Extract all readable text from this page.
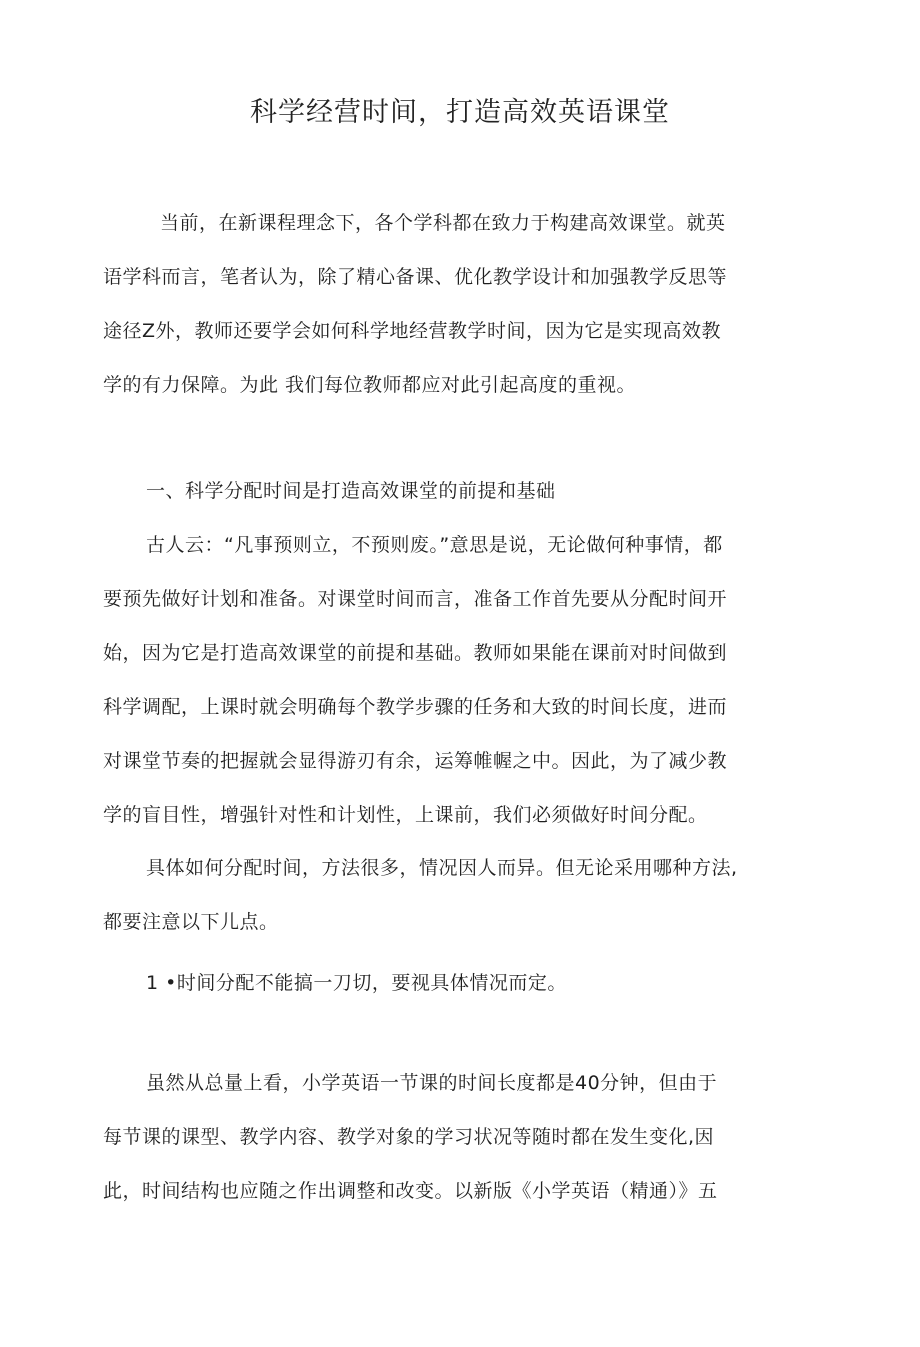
科学经营时间，打造高效英语课堂
当前，在新课程理念下，各个学科都在致力于构建高效课堂。就英
语学科而言，笔者认为，除了精心备课、优化教学设计和加强教学反思等
途径Z外，教师还要学会如何科学地经营教学时间，因为它是实现高效教
学的有力保障。为此 我们每位教师都应对此引起高度的重视。
一、科学分配时间是打造高效课堂的前提和基础
古人云：“凡事预则立，不预则废。”意思是说，无论做何种事情，都
要预先做好计划和准备。对课堂时间而言，准备工作首先要从分配时间开
始，因为它是打造高效课堂的前提和基础。教师如果能在课前对时间做到
科学调配，上课时就会明确每个教学步骤的任务和大致的时间长度，进而
对课堂节奏的把握就会显得游刃有余，运筹帷幄之中。因此，为了减少教
学的盲目性，增强针对性和计划性，上课前，我们必须做好时间分配。
具体如何分配时间，方法很多，情况因人而异。但无论采用哪种方法,
都要注意以下儿点。
1 •时间分配不能搞一刀切，要视具体情况而定。
虽然从总量上看，小学英语一节课的时间长度都是40分钟，但由于
每节课的课型、教学内容、教学对象的学习状况等随时都在发生变化,因
此，时间结构也应随之作出调整和改变。以新版《小学英语（精通）》五
